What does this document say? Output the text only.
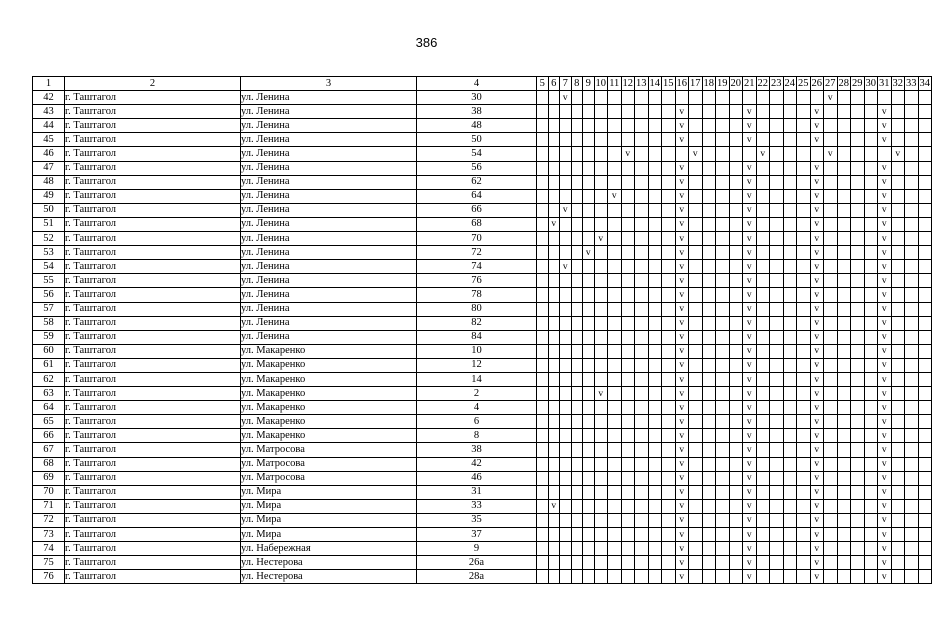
386
1	2	3	4	5	6	7	8	9	10	11	12	13	14	15	16	17	18	19	20	21	22	23	24	25	26	27	28	29	30	31	32	33	34
42	г. Таштагол	ул. Ленина	30			v																				v							
43	г. Таштагол	ул. Ленина	38												v					v					v					v			
44	г. Таштагол	ул. Ленина	48												v					v					v					v			
45	г. Таштагол	ул. Ленина	50												v					v					v					v			
46	г. Таштагол	ул. Ленина	54								v					v					v					v					v		
47	г. Таштагол	ул. Ленина	56												v					v					v					v			
48	г. Таштагол	ул. Ленина	62												v					v					v					v			
49	г. Таштагол	ул. Ленина	64							v					v					v					v					v			
50	г. Таштагол	ул. Ленина	66			v									v					v					v					v			
51	г. Таштагол	ул. Ленина	68		v										v					v					v					v			
52	г. Таштагол	ул. Ленина	70						v						v					v					v					v			
53	г. Таштагол	ул. Ленина	72					v							v					v					v					v			
54	г. Таштагол	ул. Ленина	74			v									v					v					v					v			
55	г. Таштагол	ул. Ленина	76												v					v					v					v			
56	г. Таштагол	ул. Ленина	78												v					v					v					v			
57	г. Таштагол	ул. Ленина	80												v					v					v					v			
58	г. Таштагол	ул. Ленина	82												v					v					v					v			
59	г. Таштагол	ул. Ленина	84												v					v					v					v			
60	г. Таштагол	ул. Макаренко	10												v					v					v					v			
61	г. Таштагол	ул. Макаренко	12												v					v					v					v			
62	г. Таштагол	ул. Макаренко	14												v					v					v					v			
63	г. Таштагол	ул. Макаренко	2						v						v					v					v					v			
64	г. Таштагол	ул. Макаренко	4												v					v					v					v			
65	г. Таштагол	ул. Макаренко	6												v					v					v					v			
66	г. Таштагол	ул. Макаренко	8												v					v					v					v			
67	г. Таштагол	ул. Матросова	38												v					v					v					v			
68	г. Таштагол	ул. Матросова	42												v					v					v					v			
69	г. Таштагол	ул. Матросова	46												v					v					v					v			
70	г. Таштагол	ул. Мира	31												v					v					v					v			
71	г. Таштагол	ул. Мира	33		v										v					v					v					v			
72	г. Таштагол	ул. Мира	35												v					v					v					v			
73	г. Таштагол	ул. Мира	37												v					v					v					v			
74	г. Таштагол	ул. Набережная	9												v					v					v					v			
75	г. Таштагол	ул. Нестерова	26а												v					v					v					v			
76	г. Таштагол	ул. Нестерова	28а												v					v					v					v			
